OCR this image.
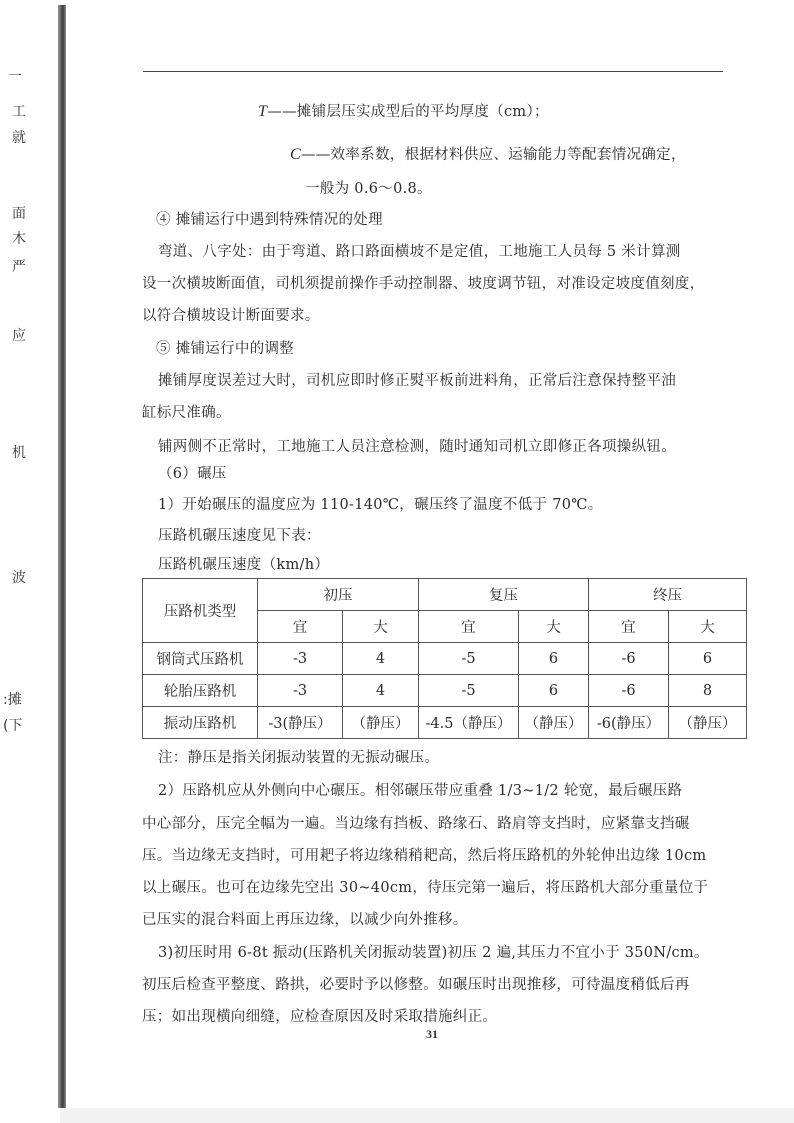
一
工
就
面
木
严
应
机
波
:摊
(下
T——摊铺层压实成型后的平均厚度（cm）；
C——效率系数，根据材料供应、运输能力等配套情况确定，
一般为 0.6～0.8。
④ 摊铺运行中遇到特殊情况的处理
弯道、八字处：由于弯道、路口路面横坡不是定值，工地施工人员每 5 米计算测
设一次横坡断面值，司机须提前操作手动控制器、坡度调节钮，对准设定坡度值刻度，
以符合横坡设计断面要求。
⑤ 摊铺运行中的调整
摊铺厚度误差过大时，司机应即时修正熨平板前进料角，正常后注意保持整平油
缸标尺准确。
铺两侧不正常时，工地施工人员注意检测，随时通知司机立即修正各项操纵钮。
（6）碾压
1）开始碾压的温度应为 110-140℃，碾压终了温度不低于 70℃。
压路机碾压速度见下表：
压路机碾压速度（km/h）
压路机类型	初压		复压		终压	
	宜	大	宜	大	宜	大
钢筒式压路机	-3	4	-5	6	-6	6
轮胎压路机	-3	4	-5	6	-6	8
振动压路机	-3(静压）	（静压）	-4.5（静压）	（静压）	-6(静压）	（静压）
注：静压是指关闭振动装置的无振动碾压。
2）压路机应从外侧向中心碾压。相邻碾压带应重叠 1/3~1/2 轮宽，最后碾压路
中心部分，压完全幅为一遍。当边缘有挡板、路缘石、路肩等支挡时，应紧靠支挡碾
压。当边缘无支挡时，可用耙子将边缘稍稍耙高，然后将压路机的外轮伸出边缘 10cm
以上碾压。也可在边缘先空出 30~40cm，待压完第一遍后，将压路机大部分重量位于
已压实的混合料面上再压边缘，以减少向外推移。
3)初压时用 6-8t 振动(压路机关闭振动装置)初压 2 遍,其压力不宜小于 350N/cm。
初压后检查平整度、路拱，必要时予以修整。如碾压时出现推移，可待温度稍低后再
压；如出现横向细缝，应检查原因及时采取措施纠正。
31
